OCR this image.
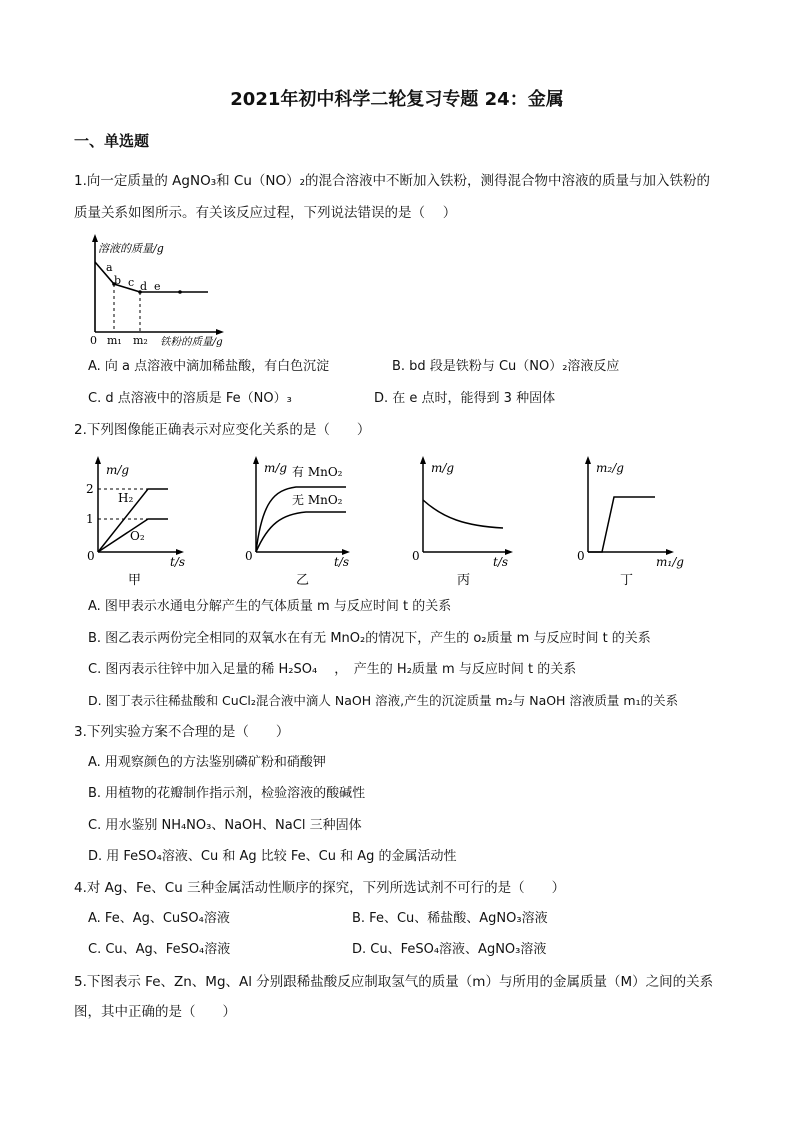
2021年初中科学二轮复习专题 24：金属
一、单选题
1.向一定质量的 AgNO₃和 Cu（NO）₂的混合溶液中不断加入铁粉，测得混合物中溶液的质量与加入铁粉的
质量关系如图所示。有关该反应过程，下列说法错误的是（　 ）
溶液的质量/g
a
b c d e
0 m₁ m₂ 铁粉的质量/g
A. 向 a 点溶液中滴加稀盐酸，有白色沉淀	B. bd 段是铁粉与 Cu（NO）₂溶液反应
C. d 点溶液中的溶质是 Fe（NO）₃	D. 在 e 点时，能得到 3 种固体
2.下列图像能正确表示对应变化关系的是（　　）
m/g
2
1
H₂
O₂
0	t/s
甲
m/g 有 MnO₂
无 MnO₂
0	t/s
乙
m/g
0	t/s
丙
m₂/g
0	m₁/g
丁
A. 图甲表示水通电分解产生的气体质量 m 与反应时间 t 的关系
B. 图乙表示两份完全相同的双氧水在有无 MnO₂的情况下，产生的 o₂质量 m 与反应时间 t 的关系
C. 图丙表示往锌中加入足量的稀 H₂SO₄　 ，　产生的 H₂质量 m 与反应时间 t 的关系
D. 图丁表示往稀盐酸和 CuCl₂混合液中滴人 NaOH 溶液,产生的沉淀质量 m₂与 NaOH 溶液质量 m₁的关系
3.下列实验方案不合理的是（　　）
A. 用观察颜色的方法鉴别磷矿粉和硝酸钾
B. 用植物的花瓣制作指示剂，检验溶液的酸碱性
C. 用水鉴别 NH₄NO₃、NaOH、NaCl 三种固体
D. 用 FeSO₄溶液、Cu 和 Ag 比较 Fe、Cu 和 Ag 的金属活动性
4.对 Ag、Fe、Cu 三种金属活动性顺序的探究，下列所选试剂不可行的是（　　）
A. Fe、Ag、CuSO₄溶液	B. Fe、Cu、稀盐酸、AgNO₃溶液
C. Cu、Ag、FeSO₄溶液	D. Cu、FeSO₄溶液、AgNO₃溶液
5.下图表示 Fe、Zn、Mg、Al 分别跟稀盐酸反应制取氢气的质量（m）与所用的金属质量（M）之间的关系
图，其中正确的是（　　）
